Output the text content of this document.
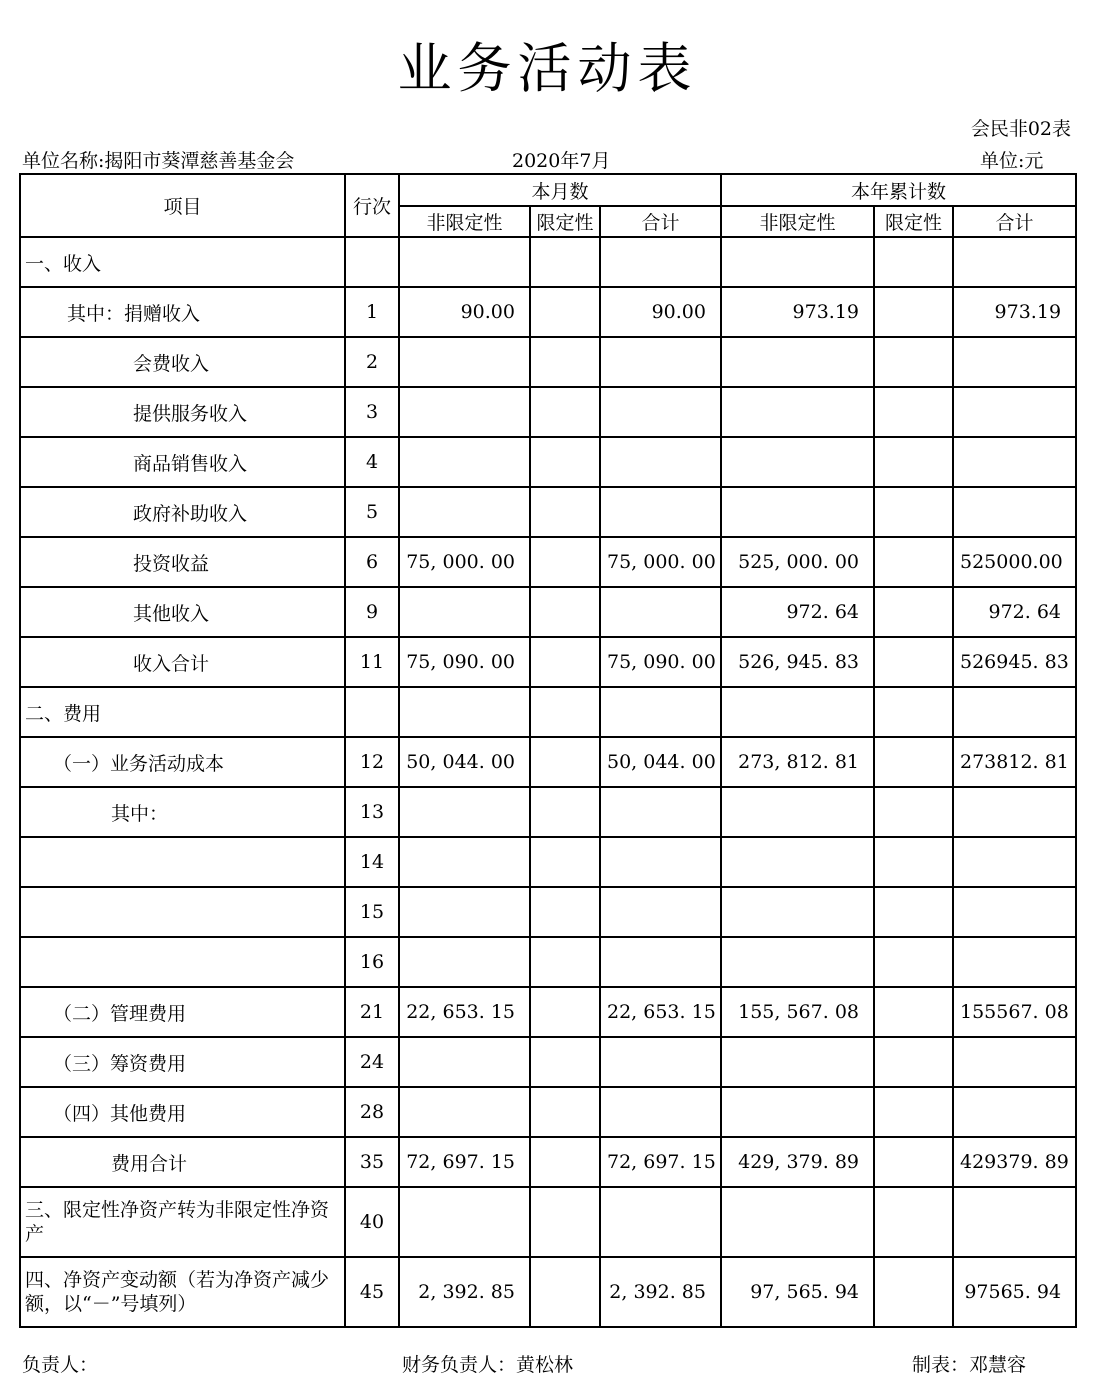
业务活动表
会民非02表
单位名称:揭阳市葵潭慈善基金会	2020年7月	单位:元
项目	行次	本月数			本年累计数		
		非限定性	限定性	合计	非限定性	限定性	合计
一、收入							
其中：捐赠收入	1	90.00		90.00	973.19		973.19
会费收入	2						
提供服务收入	3						
商品销售收入	4						
政府补助收入	5						
投资收益	6	75, 000. 00		75, 000. 00	525, 000. 00		525000.00
其他收入	9				972. 64		972. 64
收入合计	11	75, 090. 00		75, 090. 00	526, 945. 83		526945. 83
二、费用							
（一）业务活动成本	12	50, 044. 00		50, 044. 00	273, 812. 81		273812. 81
其中：	13						
	14						
	15						
	16						
（二）管理费用	21	22, 653. 15		22, 653. 15	155, 567. 08		155567. 08
（三）筹资费用	24						
（四）其他费用	28						
费用合计	35	72, 697. 15		72, 697. 15	429, 379. 89		429379. 89
三、限定性净资产转为非限定性净资产	40						
四、净资产变动额（若为净资产减少额，以“－”号填列）	45	2, 392. 85		2, 392. 85	97, 565. 94		97565. 94
负责人：	财务负责人：黄松林	制表：邓慧容
